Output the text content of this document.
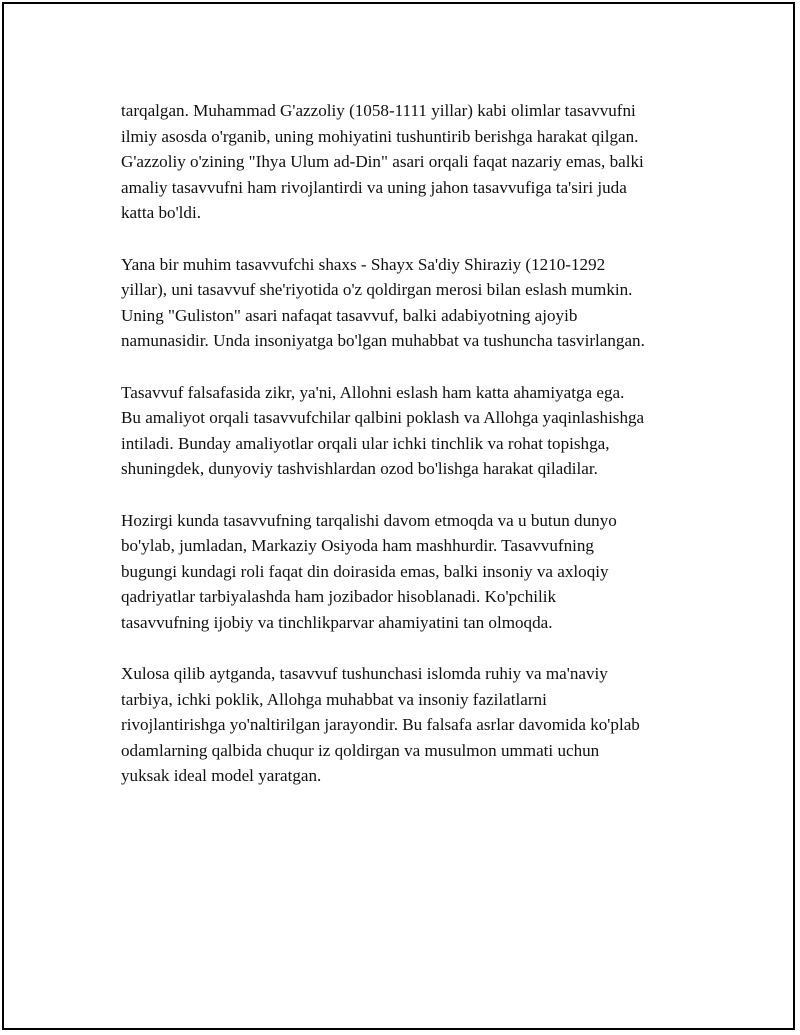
tarqalgan. Muhammad G'azzoliy (1058-1111 yillar) kabi olimlar tasavvufni
ilmiy asosda o'rganib, uning mohiyatini tushuntirib berishga harakat qilgan.
G'azzoliy o'zining "Ihya Ulum ad-Din" asari orqali faqat nazariy emas, balki
amaliy tasavvufni ham rivojlantirdi va uning jahon tasavvufiga ta'siri juda
katta bo'ldi.

Yana bir muhim tasavvufchi shaxs - Shayx Sa'diy Shiraziy (1210-1292
yillar), uni tasavvuf she'riyotida o'z qoldirgan merosi bilan eslash mumkin.
Uning "Guliston" asari nafaqat tasavvuf, balki adabiyotning ajoyib
namunasidir. Unda insoniyatga bo'lgan muhabbat va tushuncha tasvirlangan.

Tasavvuf falsafasida zikr, ya'ni, Allohni eslash ham katta ahamiyatga ega.
Bu amaliyot orqali tasavvufchilar qalbini poklash va Allohga yaqinlashishga
intiladi. Bunday amaliyotlar orqali ular ichki tinchlik va rohat topishga,
shuningdek, dunyoviy tashvishlardan ozod bo'lishga harakat qiladilar.

Hozirgi kunda tasavvufning tarqalishi davom etmoqda va u butun dunyo
bo'ylab, jumladan, Markaziy Osiyoda ham mashhurdir. Tasavvufning
bugungi kundagi roli faqat din doirasida emas, balki insoniy va axloqiy
qadriyatlar tarbiyalashda ham jozibador hisoblanadi. Ko'pchilik
tasavvufning ijobiy va tinchlikparvar ahamiyatini tan olmoqda.

Xulosa qilib aytganda, tasavvuf tushunchasi islomda ruhiy va ma'naviy
tarbiya, ichki poklik, Allohga muhabbat va insoniy fazilatlarni
rivojlantirishga yo'naltirilgan jarayondir. Bu falsafa asrlar davomida ko'plab
odamlarning qalbida chuqur iz qoldirgan va musulmon ummati uchun
yuksak ideal model yaratgan.
